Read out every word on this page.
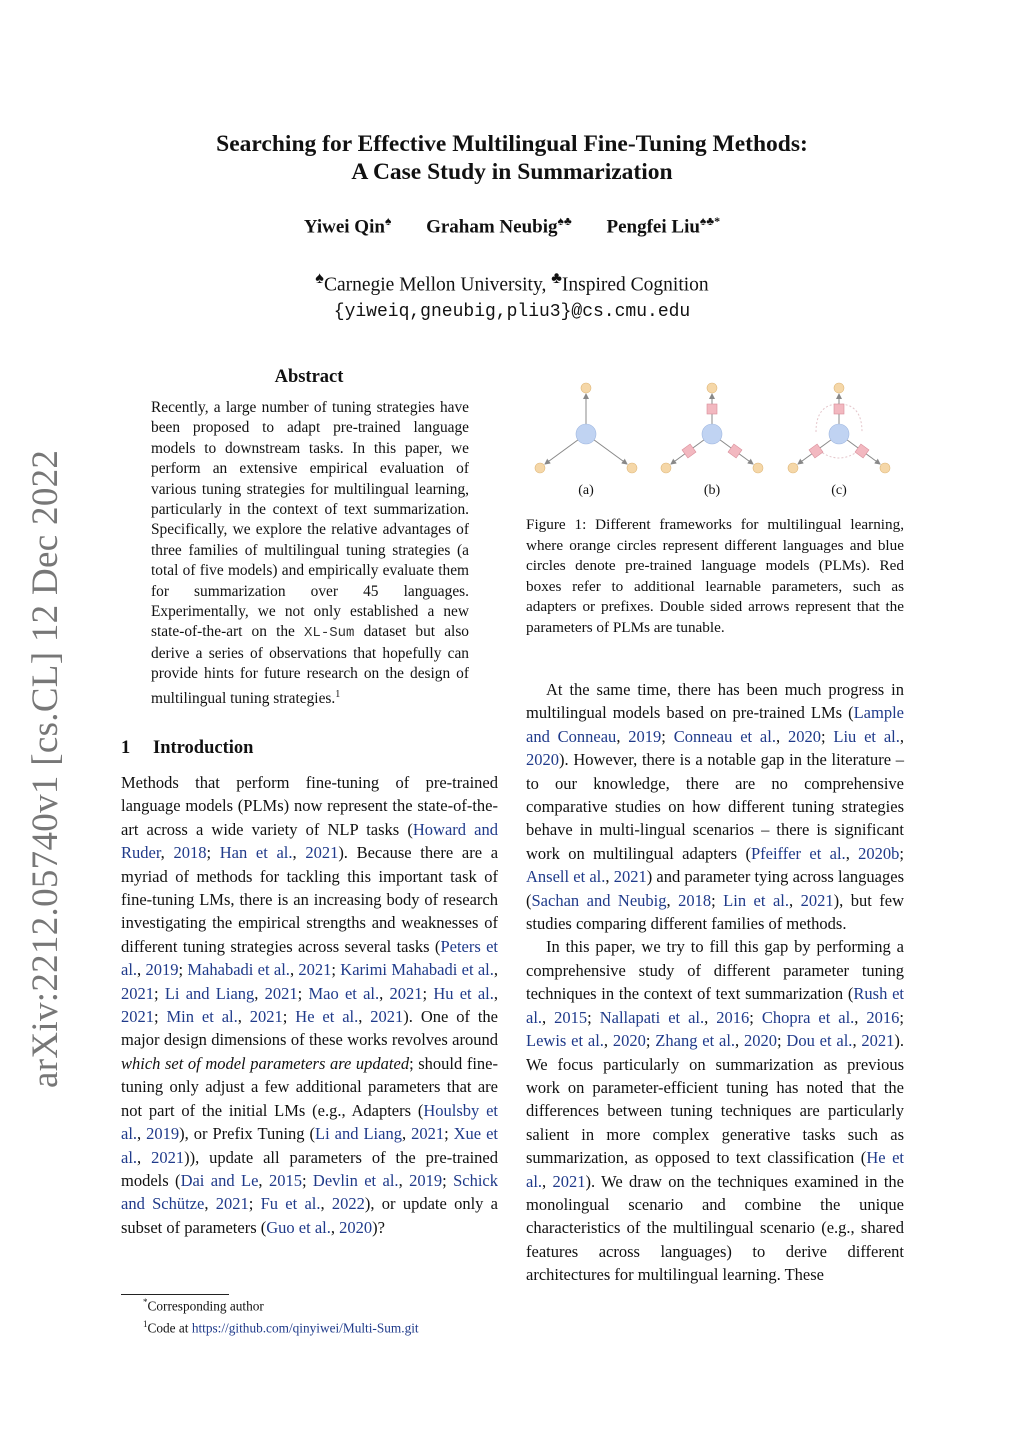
arXiv:2212.05740v1 [cs.CL] 12 Dec 2022
Searching for Effective Multilingual Fine-Tuning Methods:
A Case Study in Summarization
Yiwei Qin♠ Graham Neubig♠♣ Pengfei Liu♠♣*
♠Carnegie Mellon University, ♣Inspired Cognition
{yiweiq,gneubig,pliu3}@cs.cmu.edu
Abstract
Recently, a large number of tuning strategies have been proposed to adapt pre-trained language models to downstream tasks. In this paper, we perform an extensive empirical evaluation of various tuning strategies for multilingual learning, particularly in the context of text summarization. Specifically, we explore the relative advantages of three families of multilingual tuning strategies (a total of five models) and empirically evaluate them for summarization over 45 languages. Experimentally, we not only established a new state-of-the-art on the XL-Sum dataset but also derive a series of observations that hopefully can provide hints for future research on the design of multilingual tuning strategies.$^1$
1 Introduction

Methods that perform fine-tuning of pre-trained language models (PLMs) now represent the state-of-the-art across a wide variety of NLP tasks (Howard and Ruder, 2018; Han et al., 2021). Because there are a myriad of methods for tackling this important task of fine-tuning LMs, there is an increasing body of research investigating the empirical strengths and weaknesses of different tuning strategies across several tasks (Peters et al., 2019; Mahabadi et al., 2021; Karimi Mahabadi et al., 2021; Li and Liang, 2021; Mao et al., 2021; Hu et al., 2021; Min et al., 2021; He et al., 2021). One of the major design dimensions of these works revolves around which set of model parameters are updated; should fine-tuning only adjust a few additional parameters that are not part of the initial LMs (e.g., Adapters (Houlsby et al., 2019), or Prefix Tuning (Li and Liang, 2021; Xue et al., 2021)), update all parameters of the pre-trained models (Dai and Le, 2015; Devlin et al., 2019; Schick and Schütze, 2021; Fu et al., 2022), or update only a subset of parameters (Guo et al., 2020)?

*Corresponding author
$^1$Code at https://github.com/qinyiwei/Multi-Sum.git
(a)	(b)	(c)
Figure 1: Different frameworks for multilingual learning, where orange circles represent different languages and blue circles denote pre-trained language models (PLMs). Red boxes refer to additional learnable parameters, such as adapters or prefixes. Double sided arrows represent that the parameters of PLMs are tunable.

At the same time, there has been much progress in multilingual models based on pre-trained LMs (Lample and Conneau, 2019; Conneau et al., 2020; Liu et al., 2020). However, there is a notable gap in the literature – to our knowledge, there are no comprehensive comparative studies on how different tuning strategies behave in multi-lingual scenarios – there is significant work on multilingual adapters (Pfeiffer et al., 2020b; Ansell et al., 2021) and parameter tying across languages (Sachan and Neubig, 2018; Lin et al., 2021), but few studies comparing different families of methods.

In this paper, we try to fill this gap by performing a comprehensive study of different parameter tuning techniques in the context of text summarization (Rush et al., 2015; Nallapati et al., 2016; Chopra et al., 2016; Lewis et al., 2020; Zhang et al., 2020; Dou et al., 2021). We focus particularly on summarization as previous work on parameter-efficient tuning has noted that the differences between tuning techniques are particularly salient in more complex generative tasks such as summarization, as opposed to text classification (He et al., 2021). We draw on the techniques examined in the monolingual scenario and combine the unique characteristics of the multilingual scenario (e.g., shared features across languages) to derive different architectures for multilingual learning. These
